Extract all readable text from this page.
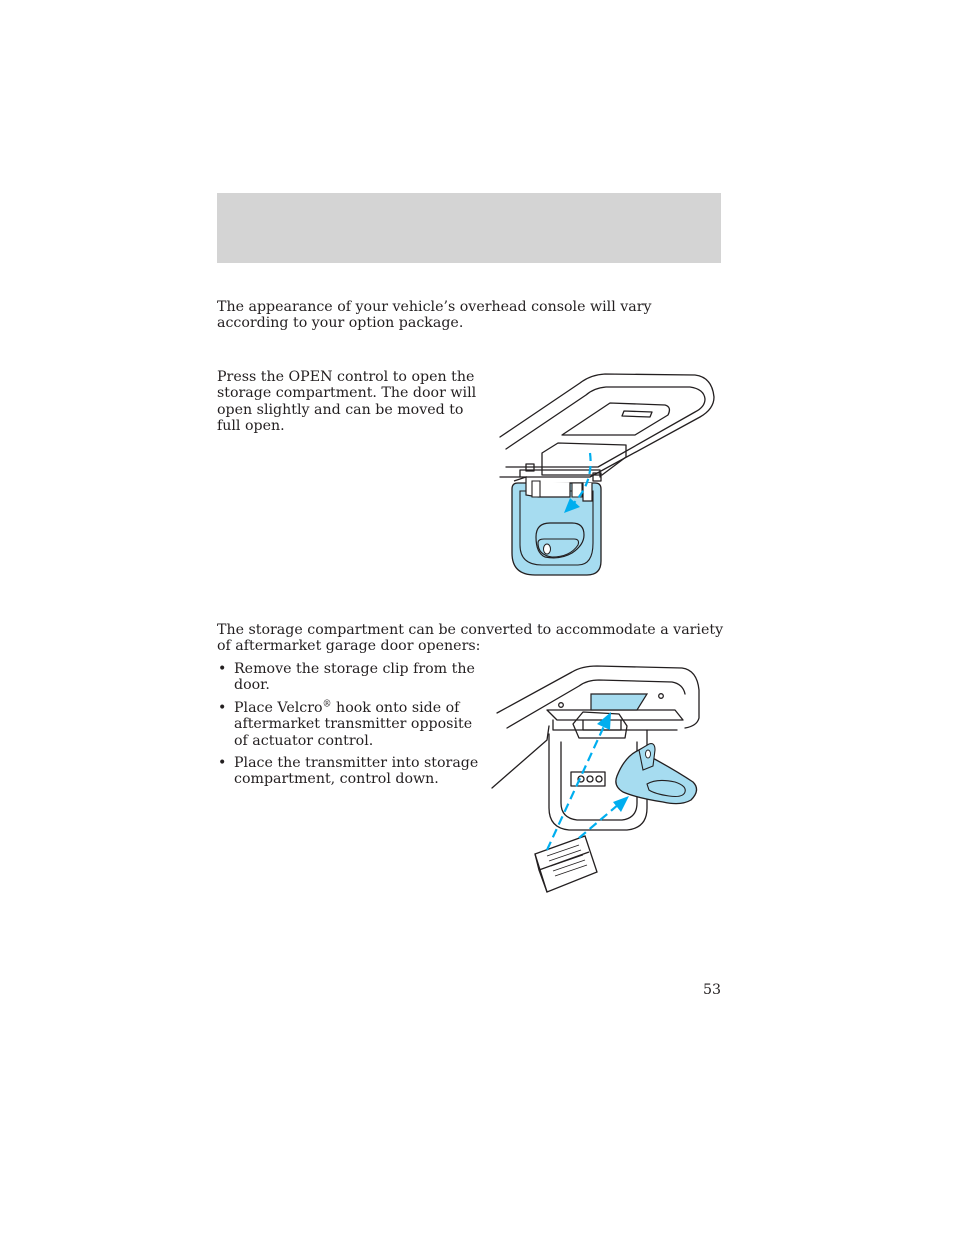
The appearance of your vehicle’s overhead console will vary according to your option package.

Press the OPEN control to open the storage compartment. The door will open slightly and can be moved to full open.

The storage compartment can be converted to accommodate a variety of aftermarket garage door openers:

• Remove the storage clip from the door.
• Place Velcro® hook onto side of aftermarket transmitter opposite of actuator control.
• Place the transmitter into storage compartment, control down.
53
